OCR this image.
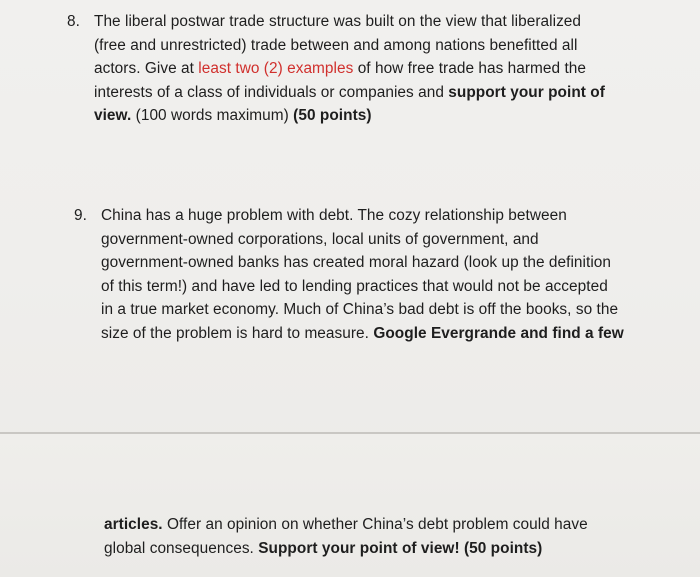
8. The liberal postwar trade structure was built on the view that liberalized
(free and unrestricted) trade between and among nations benefitted all
actors. Give at least two (2) examples of how free trade has harmed the
interests of a class of individuals or companies and support your point of
view. (100 words maximum) (50 points)
9. China has a huge problem with debt. The cozy relationship between
government-owned corporations, local units of government, and
government-owned banks has created moral hazard (look up the definition
of this term!) and have led to lending practices that would not be accepted
in a true market economy. Much of China’s bad debt is off the books, so the
size of the problem is hard to measure. Google Evergrande and find a few
articles. Offer an opinion on whether China’s debt problem could have
global consequences. Support your point of view! (50 points)
